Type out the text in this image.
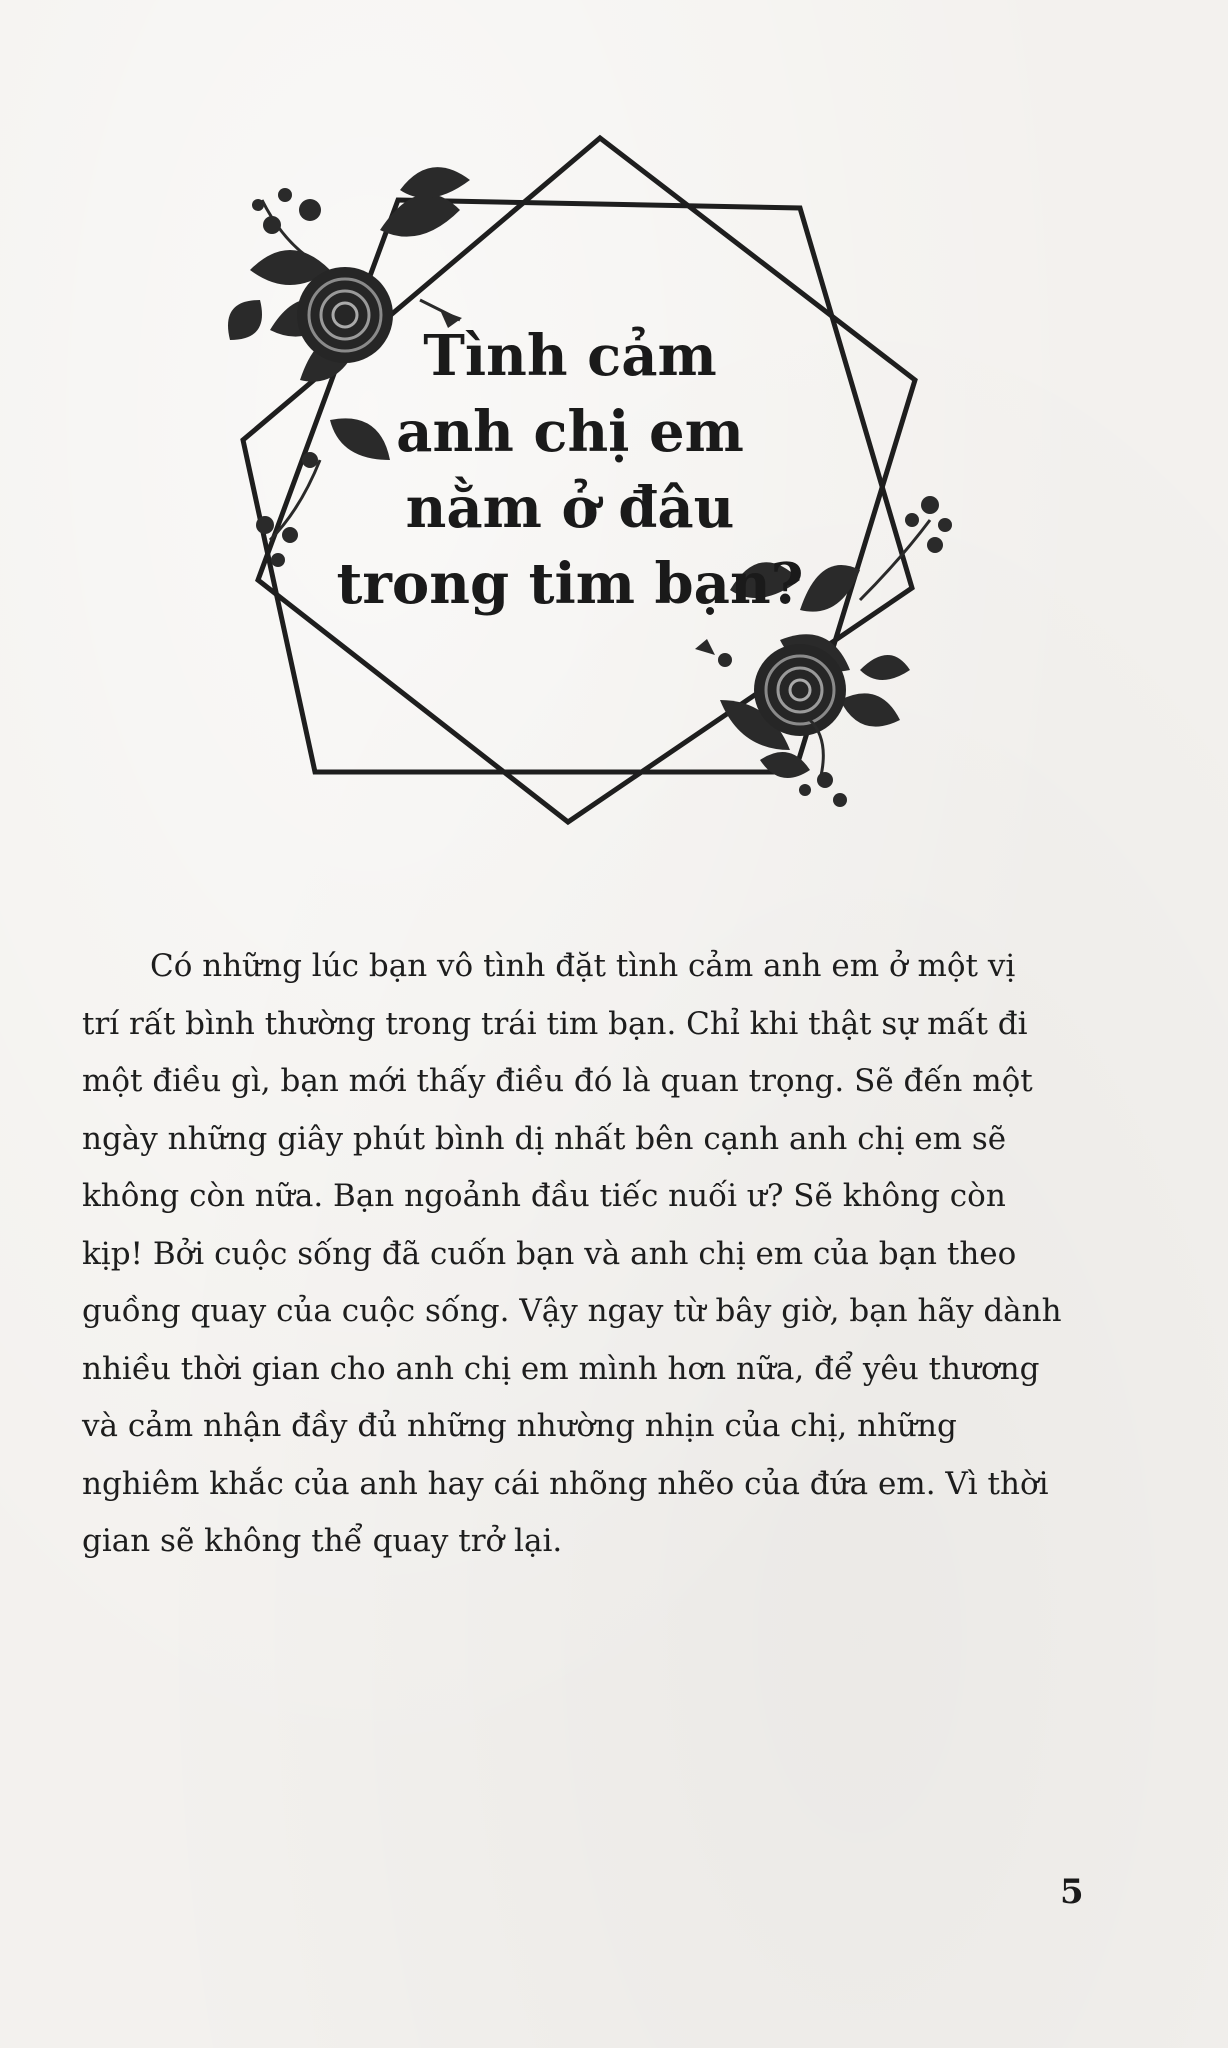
Tình cảm
anh chị em
nằm ở đâu
trong tim bạn?
Có những lúc bạn vô tình đặt tình cảm anh em ở một vị
trí rất bình thường trong trái tim bạn. Chỉ khi thật sự mất đi
một điều gì, bạn mới thấy điều đó là quan trọng. Sẽ đến một
ngày những giây phút bình dị nhất bên cạnh anh chị em sẽ
không còn nữa. Bạn ngoảnh đầu tiếc nuối ư? Sẽ không còn
kịp! Bởi cuộc sống đã cuốn bạn và anh chị em của bạn theo
guồng quay của cuộc sống. Vậy ngay từ bây giờ, bạn hãy dành
nhiều thời gian cho anh chị em mình hơn nữa, để yêu thương
và cảm nhận đầy đủ những nhường nhịn của chị, những
nghiêm khắc của anh hay cái nhõng nhẽo của đứa em. Vì thời
gian sẽ không thể quay trở lại.
5
